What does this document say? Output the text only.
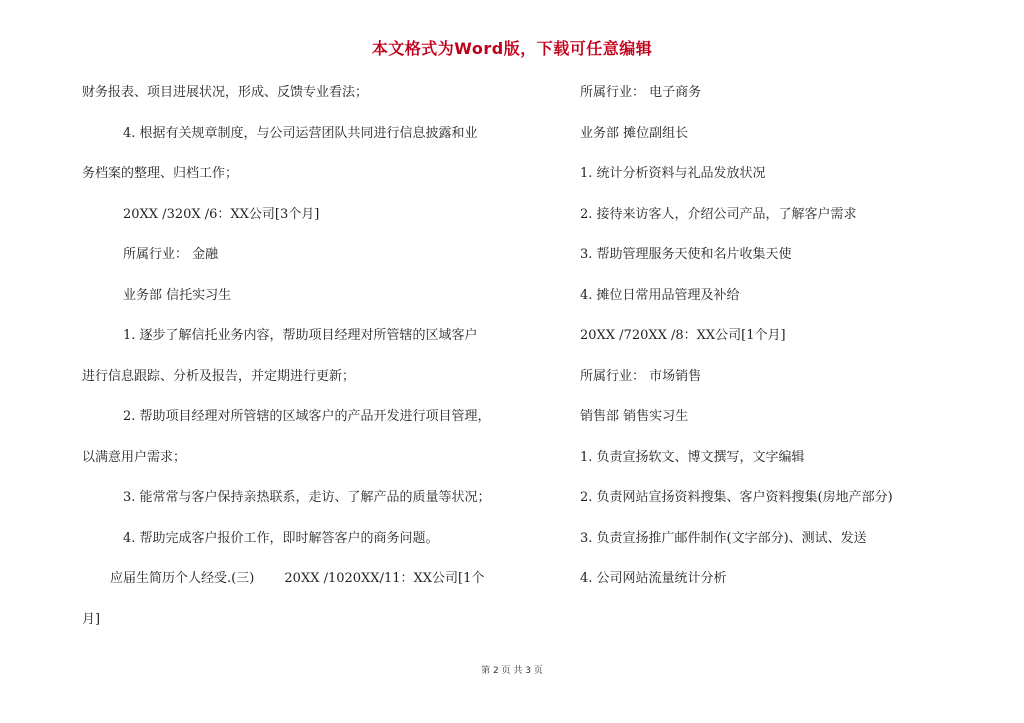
本文格式为Word版，下载可任意编辑
财务报表、项目进展状况，形成、反馈专业看法；
4. 根据有关规章制度，与公司运营团队共同进行信息披露和业
务档案的整理、归档工作；
20XX /320X /6：XX公司[3个月]
所属行业： 金融
业务部 信托实习生
1. 逐步了解信托业务内容，帮助项目经理对所管辖的区域客户
进行信息跟踪、分析及报告，并定期进行更新；
2. 帮助项目经理对所管辖的区域客户的产品开发进行项目管理，
以满意用户需求；
3. 能常常与客户保持亲热联系，走访、了解产品的质量等状况；
4. 帮助完成客户报价工作，即时解答客户的商务问题。
应届生简历个人经受.(三)　　 20XX /1020XX/11：XX公司[1个
月]
所属行业： 电子商务
业务部 摊位副组长
1. 统计分析资料与礼品发放状况
2. 接待来访客人，介绍公司产品，了解客户需求
3. 帮助管理服务天使和名片收集天使
4. 摊位日常用品管理及补给
20XX /720XX /8：XX公司[1个月]
所属行业： 市场销售
销售部 销售实习生
1. 负责宣扬软文、博文撰写，文字编辑
2. 负责网站宣扬资料搜集、客户资料搜集(房地产部分)
3. 负责宣扬推广邮件制作(文字部分)、测试、发送
4. 公司网站流量统计分析
第 2 页 共 3 页
